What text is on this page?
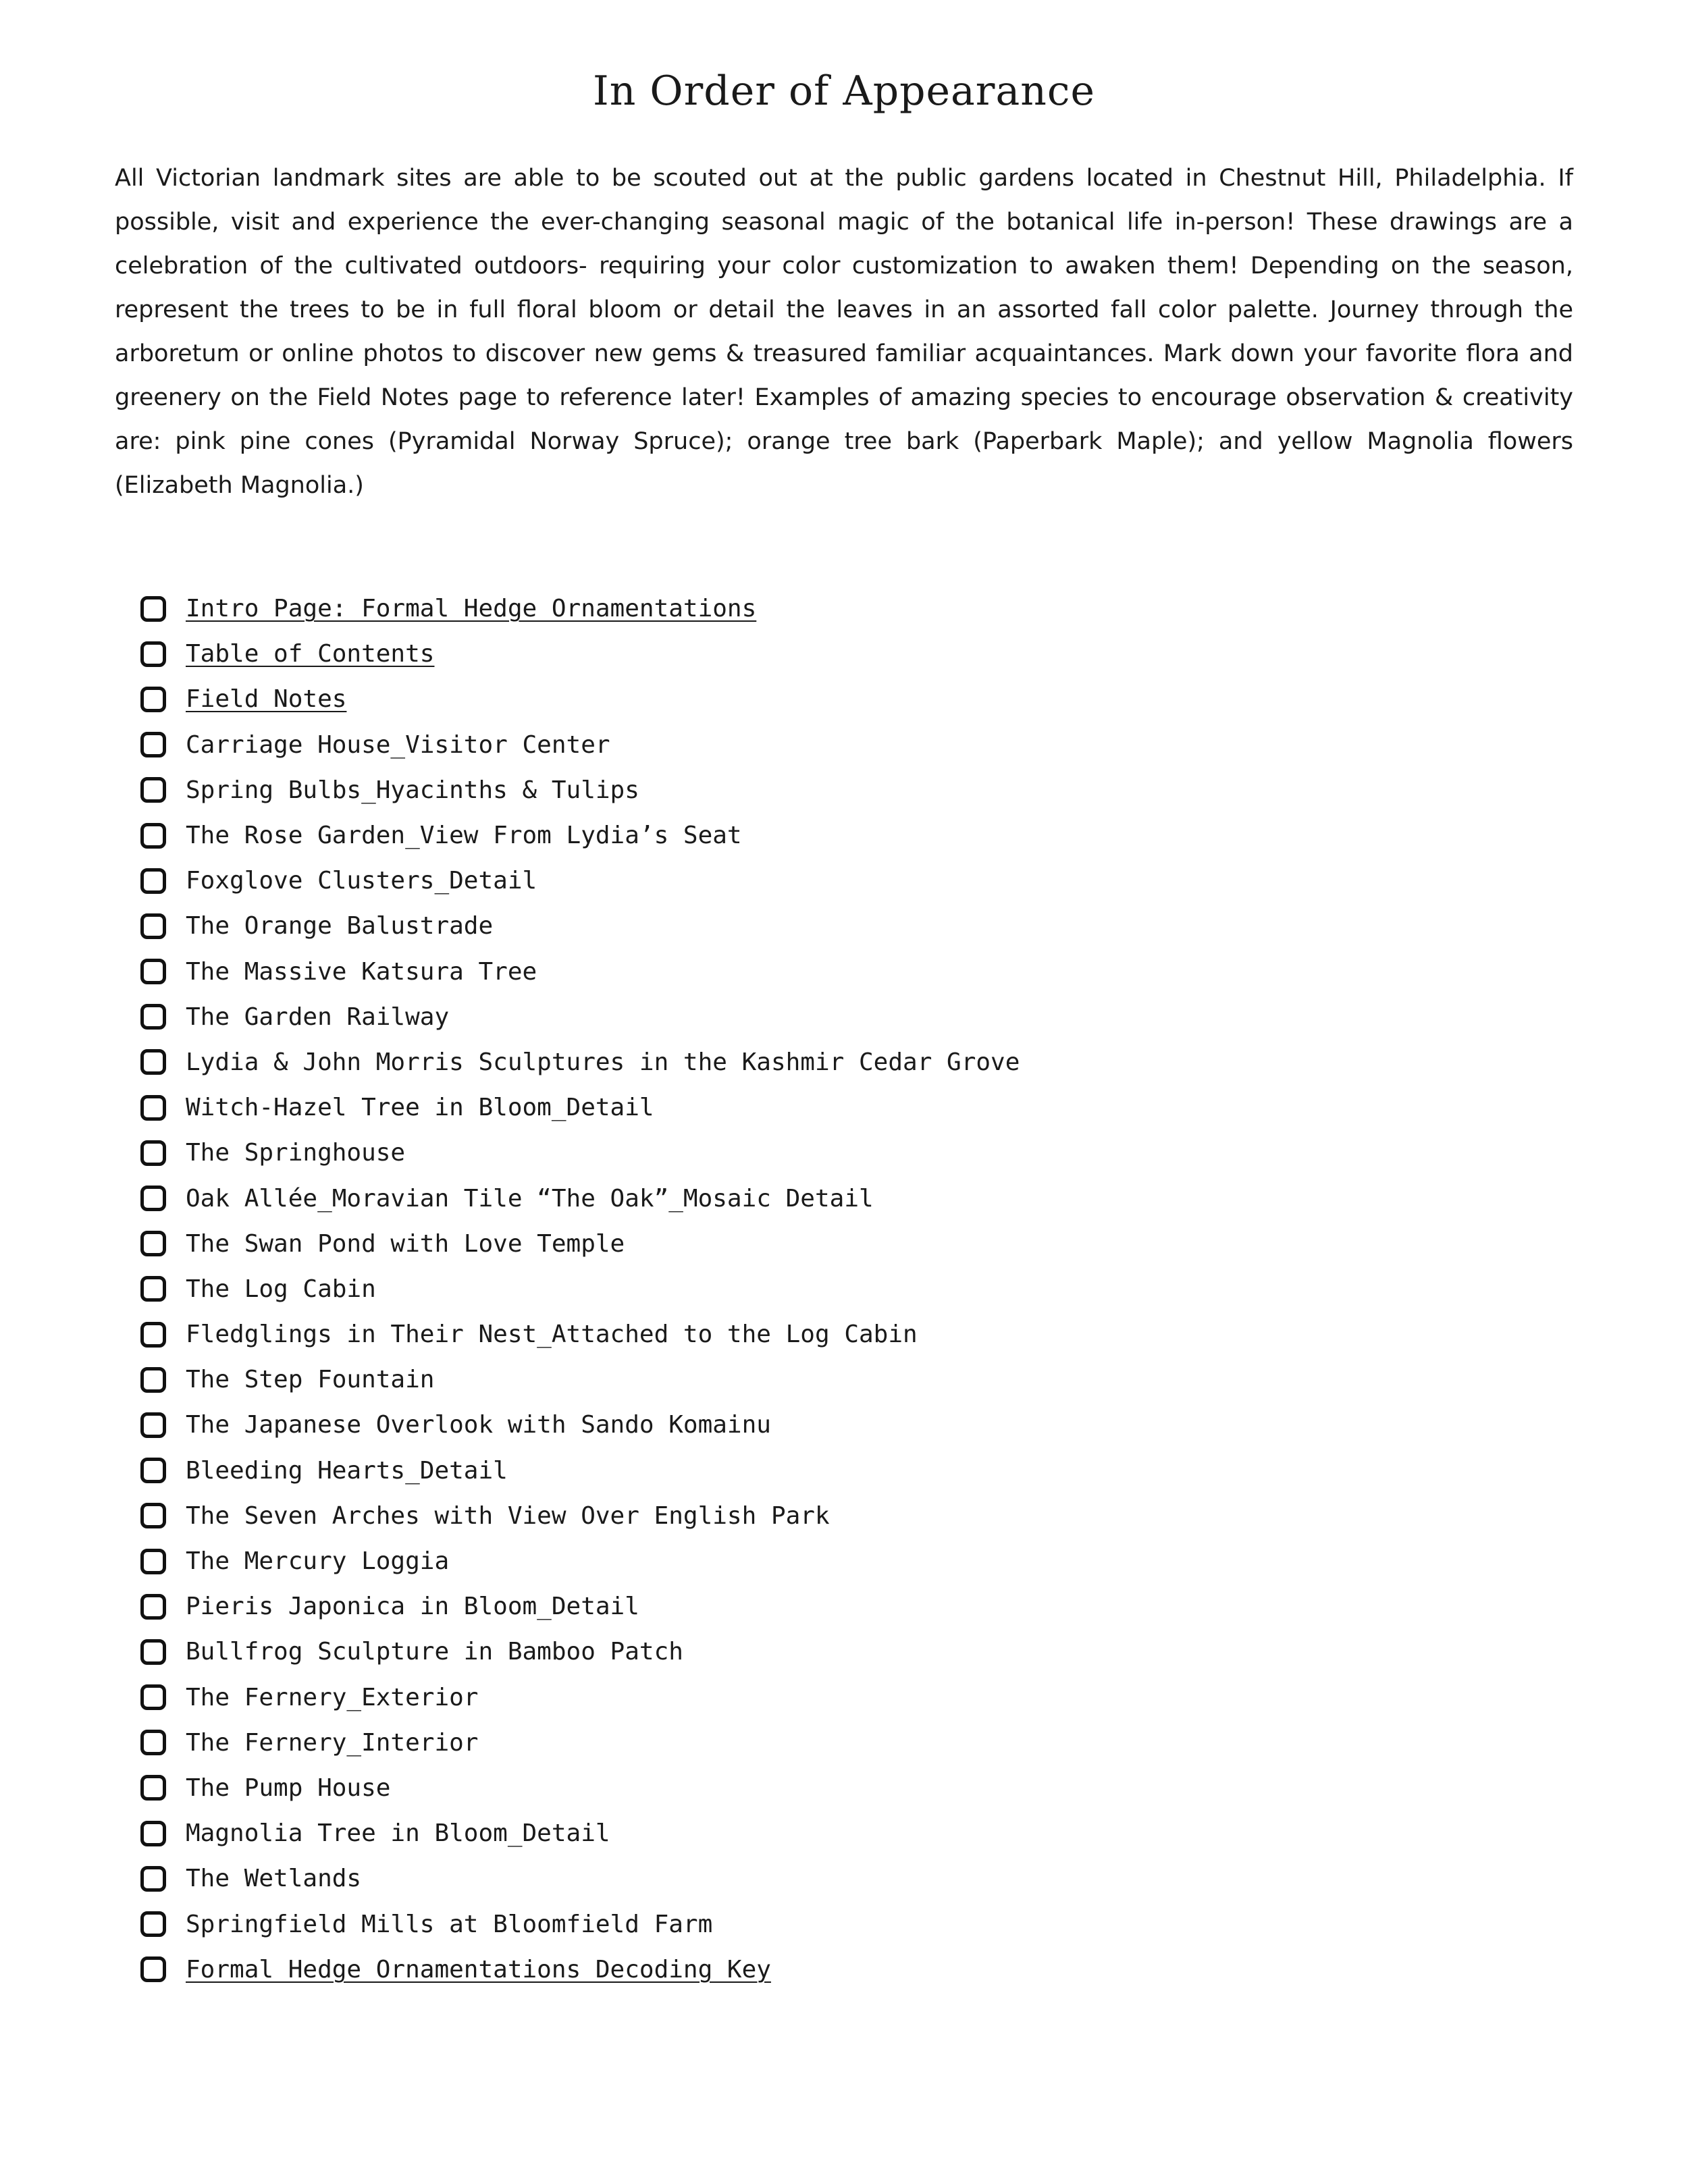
In Order of Appearance

All Victorian landmark sites are able to be scouted out at the public gardens located in Chestnut Hill, Philadelphia. If possible, visit and experience the ever-changing seasonal magic of the botanical life in-person! These drawings are a celebration of the cultivated outdoors- requiring your color customization to awaken them! Depending on the season, represent the trees to be in full floral bloom or detail the leaves in an assorted fall color palette. Journey through the arboretum or online photos to discover new gems & treasured familiar acquaintances. Mark down your favorite flora and greenery on the Field Notes page to reference later! Examples of amazing species to encourage observation & creativity are: pink pine cones (Pyramidal Norway Spruce); orange tree bark (Paperbark Maple); and yellow Magnolia flowers (Elizabeth Magnolia.)

Intro Page: Formal Hedge Ornamentations
Table of Contents
Field Notes
Carriage House_Visitor Center
Spring Bulbs_Hyacinths & Tulips
The Rose Garden_View From Lydia’s Seat
Foxglove Clusters_Detail
The Orange Balustrade
The Massive Katsura Tree
The Garden Railway
Lydia & John Morris Sculptures in the Kashmir Cedar Grove
Witch-Hazel Tree in Bloom_Detail
The Springhouse
Oak Allée_Moravian Tile “The Oak”_Mosaic Detail
The Swan Pond with Love Temple
The Log Cabin
Fledglings in Their Nest_Attached to the Log Cabin
The Step Fountain
The Japanese Overlook with Sando Komainu
Bleeding Hearts_Detail
The Seven Arches with View Over English Park
The Mercury Loggia
Pieris Japonica in Bloom_Detail
Bullfrog Sculpture in Bamboo Patch
The Fernery_Exterior
The Fernery_Interior
The Pump House
Magnolia Tree in Bloom_Detail
The Wetlands
Springfield Mills at Bloomfield Farm
Formal Hedge Ornamentations Decoding Key
